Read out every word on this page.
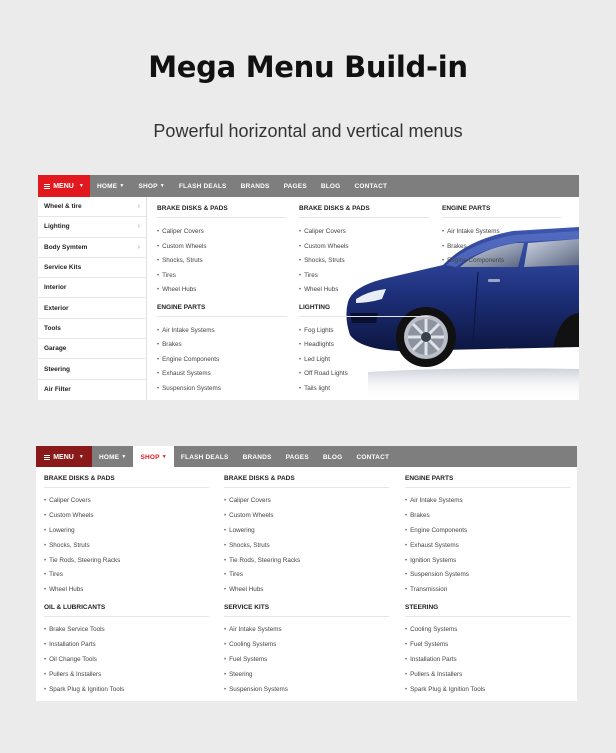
Mega Menu Build-in
Powerful horizontal and vertical menus
MENU ▼ HOME ▼ SHOP ▼	FLASH DEALS	BRANDS	PAGES	BLOG	CONTACT
Wheel & tire	›
Lighting	›
Body Symtem	›
Service Kits
Interior
Exterior
Tools
Garage
Steering
Air Filter
BRAKE DISKS & PADS
• Caliper Covers
• Custom Wheels
• Shocks, Struts
• Tires
• Wheel Hubs
ENGINE PARTS
• Air Intake Systems
• Brakes
• Engine Components
• Exhaust Systems
• Suspension Systems
BRAKE DISKS & PADS
• Caliper Covers
• Custom Wheels
• Shocks, Struts
• Tires
• Wheel Hubs
LIGHTING
• Fog Lights
• Headlights
• Led Light
• Off Road Lights
• Tails light
ENGINE PARTS
• Air Intake Systems
• Brakes
• Engine Components
MENU ▼ HOME ▼ SHOP ▼	FLASH DEALS	BRANDS	PAGES	BLOG	CONTACT
BRAKE DISKS & PADS
• Caliper Covers
• Custom Wheels
• Lowering
• Shocks, Struts
• Tie Rods, Steering Racks
• Tires
• Wheel Hubs
BRAKE DISKS & PADS
• Caliper Covers
• Custom Wheels
• Lowering
• Shocks, Struts
• Tie Rods, Steering Racks
• Tires
• Wheel Hubs
ENGINE PARTS
• Air Intake Systems
• Brakes
• Engine Components
• Exhaust Systems
• Ignition Systems
• Suspension Systems
• Transmission
OIL & LUBRICANTS
• Brake Service Tools
• Installation Parts
• Oil Change Tools
• Pullers & Installers
• Spark Plug & Ignition Tools
SERVICE KITS
• Air Intake Systems
• Cooling Systems
• Fuel Systems
• Steering
• Suspension Systems
STEERING
• Cooling Systems
• Fuel Systems
• Installation Parts
• Pullers & Installers
• Spark Plug & Ignition Tools
